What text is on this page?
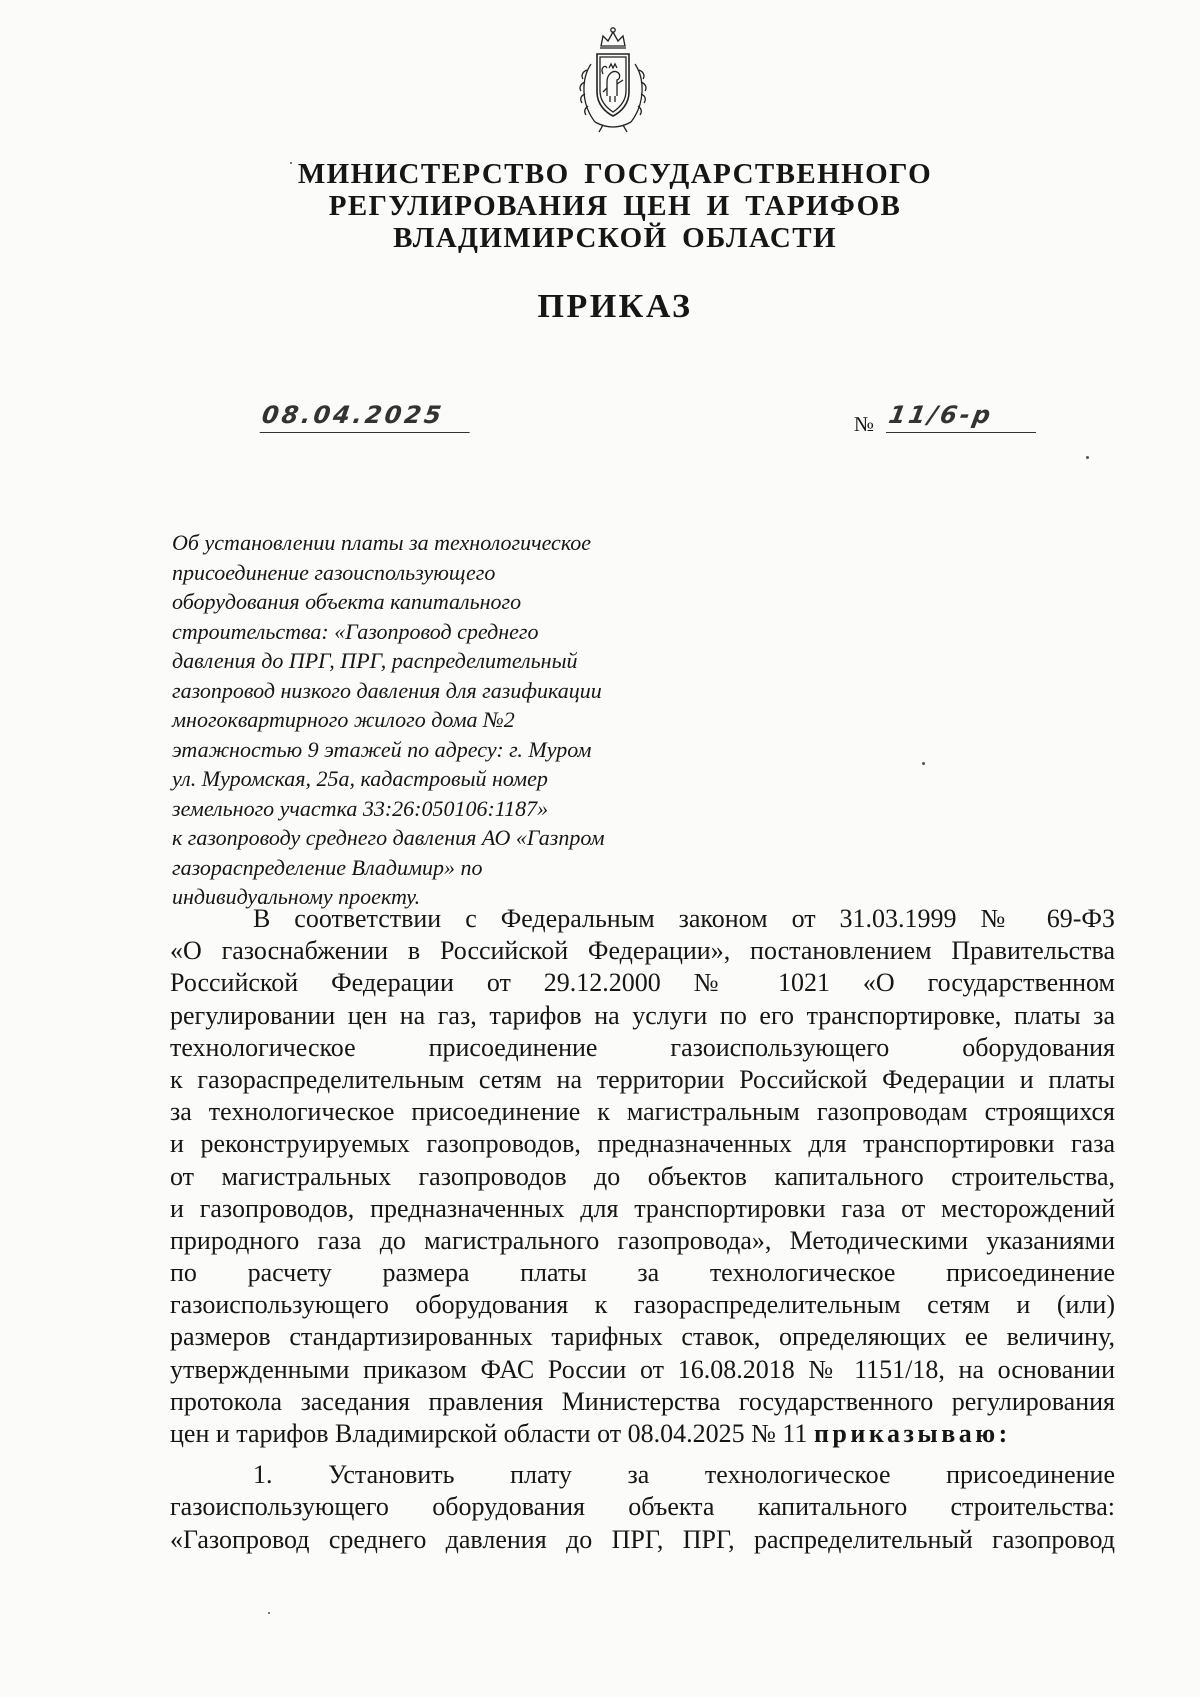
МИНИСТЕРСТВО ГОСУДАРСТВЕННОГО
РЕГУЛИРОВАНИЯ ЦЕН И ТАРИФОВ
ВЛАДИМИРСКОЙ ОБЛАСТИ
ПРИКАЗ
08.04.2025	№ 11/6-р
Об установлении платы за технологическое
присоединение газоиспользующего
оборудования объекта капитального
строительства: «Газопровод среднего
давления до ПРГ, ПРГ, распределительный
газопровод низкого давления для газификации
многоквартирного жилого дома №2
этажностью 9 этажей по адресу: г. Муром
ул. Муромская, 25а, кадастровый номер
земельного участка 33:26:050106:1187»
к газопроводу среднего давления АО «Газпром
газораспределение Владимир» по
индивидуальному проекту.
В соответствии с Федеральным законом от 31.03.1999 № 69-ФЗ
«О газоснабжении в Российской Федерации», постановлением Правительства
Российской Федерации от 29.12.2000 № 1021 «О государственном
регулировании цен на газ, тарифов на услуги по его транспортировке, платы за
технологическое присоединение газоиспользующего оборудования
к газораспределительным сетям на территории Российской Федерации и платы
за технологическое присоединение к магистральным газопроводам строящихся
и реконструируемых газопроводов, предназначенных для транспортировки газа
от магистральных газопроводов до объектов капитального строительства,
и газопроводов, предназначенных для транспортировки газа от месторождений
природного газа до магистрального газопровода», Методическими указаниями
по расчету размера платы за технологическое присоединение
газоиспользующего оборудования к газораспределительным сетям и (или)
размеров стандартизированных тарифных ставок, определяющих ее величину,
утвержденными приказом ФАС России от 16.08.2018 № 1151/18, на основании
протокола заседания правления Министерства государственного регулирования
цен и тарифов Владимирской области от 08.04.2025 № 11 приказываю:
1. Установить плату за технологическое присоединение
газоиспользующего оборудования объекта капитального строительства:
«Газопровод среднего давления до ПРГ, ПРГ, распределительный газопровод
